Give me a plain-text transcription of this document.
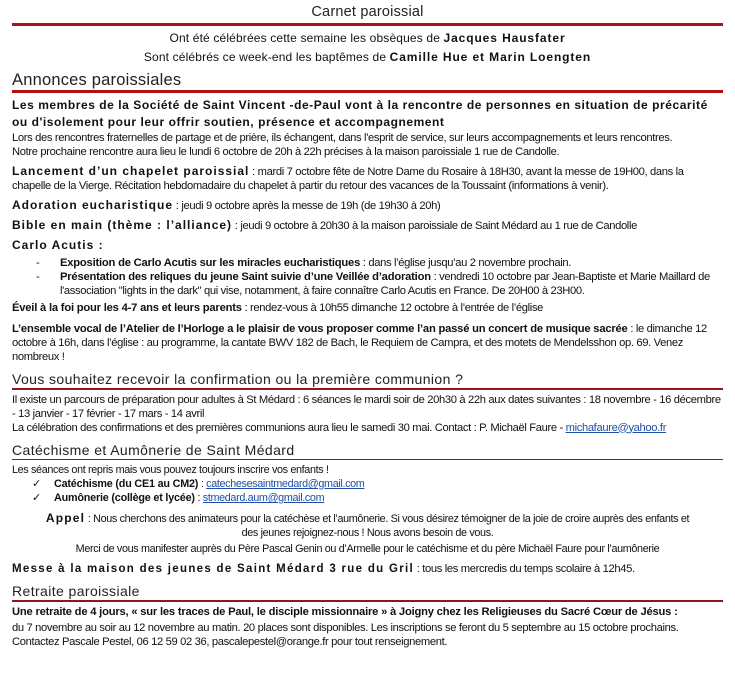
Carnet paroissial
Ont été célébrées cette semaine les obsèques de Jacques Hausfater
Sont célébrés ce week-end les baptêmes de Camille Hue et Marin Loengten
Annonces paroissiales

Les membres de la Société de Saint Vincent -de-Paul vont à la rencontre de personnes en situation de précarité ou d'isolement pour leur offrir soutien, présence et accompagnement

Lors des rencontres fraternelles de partage et de prière, ils échangent, dans l'esprit de service, sur leurs accompagnements et leurs rencontres.

Notre prochaine rencontre aura lieu le lundi 6 octobre de 20h à 22h précises à la maison paroissiale 1 rue de Candolle.

Lancement d’un chapelet paroissial : mardi 7 octobre fête de Notre Dame du Rosaire à 18H30, avant la messe de 19H00, dans la chapelle de la Vierge. Récitation hebdomadaire du chapelet à partir du retour des vacances de la Toussaint (informations à venir).

Adoration eucharistique : jeudi 9 octobre après la messe de 19h (de 19h30 à 20h)

Bible en main (thème : l’alliance) : jeudi 9 octobre à 20h30 à la maison paroissiale de Saint Médard au 1 rue de Candolle

Carlo Acutis :

- Exposition de Carlo Acutis sur les miracles eucharistiques : dans l’église jusqu’au 2 novembre prochain.
- Présentation des reliques du jeune Saint suivie d’une Veillée d’adoration : vendredi 10 octobre par Jean-Baptiste et Marie Maillard de l'association "lights in the dark" qui vise, notamment, à faire connaître Carlo Acutis en France. De 20H00 à 23H00.

Éveil à la foi pour les 4-7 ans et leurs parents : rendez-vous à 10h55 dimanche 12 octobre à l’entrée de l’église

L’ensemble vocal de l’Atelier de l’Horloge a le plaisir de vous proposer comme l’an passé un concert de musique sacrée : le dimanche 12 octobre à 16h, dans l’église : au programme, la cantate BWV 182 de Bach, le Requiem de Campra, et des motets de Mendelsshon op. 69. Venez nombreux !

Vous souhaitez recevoir la confirmation ou la première communion ?

Il existe un parcours de préparation pour adultes à St Médard : 6 séances le mardi soir de 20h30 à 22h aux dates suivantes : 18 novembre - 16 décembre - 13 janvier - 17 février - 17 mars - 14 avril

La célébration des confirmations et des premières communions aura lieu le samedi 30 mai. Contact : P. Michaël Faure - michafaure@yahoo.fr

Catéchisme et Aumônerie de Saint Médard

Les séances ont repris mais vous pouvez toujours inscrire vos enfants !

✓ Catéchisme (du CE1 au CM2) : catechesesaintmedard@gmail.com
✓ Aumônerie (collège et lycée) : stmedard.aum@gmail.com

Appel : Nous cherchons des animateurs pour la catéchèse et l’aumônerie. Si vous désirez témoigner de la joie de croire auprès des enfants et des jeunes rejoignez-nous ! Nous avons besoin de vous.

Merci de vous manifester auprès du Père Pascal Genin ou d’Armelle pour le catéchisme et du père Michaël Faure pour l’aumônerie

Messe à la maison des jeunes de Saint Médard 3 rue du Gril : tous les mercredis du temps scolaire à 12h45.

Retraite paroissiale

Une retraite de 4 jours, « sur les traces de Paul, le disciple missionnaire » à Joigny chez les Religieuses du Sacré Cœur de Jésus :

du 7 novembre au soir au 12 novembre au matin. 20 places sont disponibles. Les inscriptions se feront du 5 septembre au 15 octobre prochains. Contactez Pascale Pestel, 06 12 59 02 36, pascalepestel@orange.fr pour tout renseignement.
